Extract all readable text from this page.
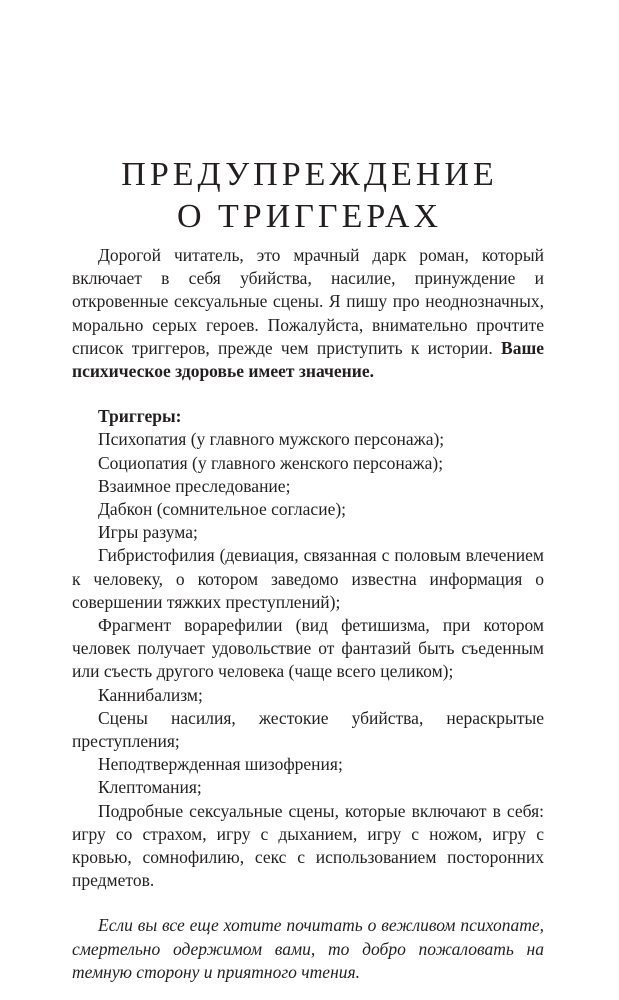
ПРЕДУПРЕЖДЕНИЕ
О ТРИГГЕРАХ

Дорогой читатель, это мрачный дарк роман, который включает в себя убийства, насилие, принуждение и откровенные сексуальные сцены. Я пишу про неоднозначных, морально серых героев. Пожалуйста, внимательно прочтите список триггеров, прежде чем приступить к истории. Ваше психическое здоровье имеет значение.

Триггеры:
Психопатия (у главного мужского персонажа);
Социопатия (у главного женского персонажа);
Взаимное преследование;
Дабкон (сомнительное согласие);
Игры разума;
Гибристофилия (девиация, связанная с половым влечением к человеку, о котором заведомо известна информация о совершении тяжких преступлений);
Фрагмент ворарефилии (вид фетишизма, при котором человек получает удовольствие от фантазий быть съеденным или съесть другого человека (чаще всего целиком);
Каннибализм;
Сцены насилия, жестокие убийства, нераскрытые преступления;
Неподтвержденная шизофрения;
Клептомания;
Подробные сексуальные сцены, которые включают в себя: игру со страхом, игру с дыханием, игру с ножом, игру с кровью, сомнофилию, секс с использованием посторонних предметов.

Если вы все еще хотите почитать о вежливом психопате, смертельно одержимом вами, то добро пожаловать на темную сторону и приятного чтения.
